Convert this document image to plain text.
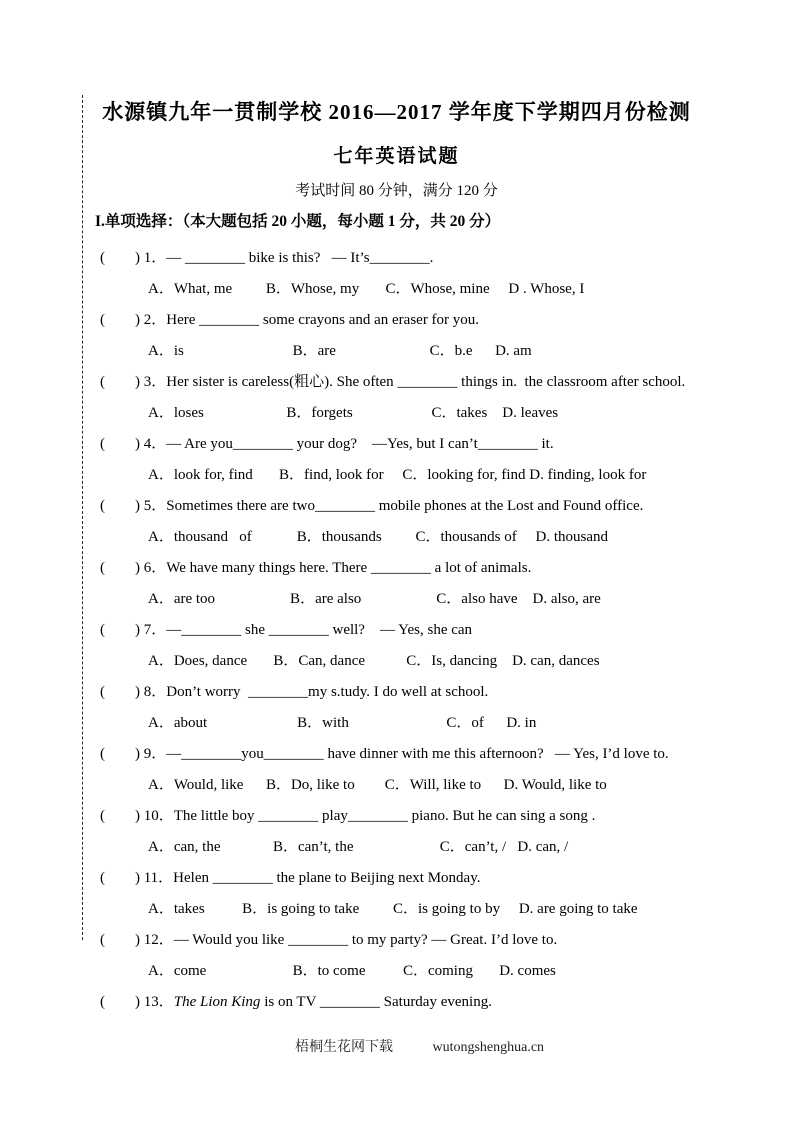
水源镇九年一贯制学校 2016—2017 学年度下学期四月份检测
七年英语试题
考试时间 80 分钟，满分 120 分
I.单项选择：（本大题包括 20 小题，每小题 1 分，共 20 分）
(        ) 1．— ________ bike is this?   — It’s________.
A．What, me         B．Whose, my       C．Whose, mine     D . Whose, I
(        ) 2．Here ________ some crayons and an eraser for you.
A．is                             B．are                         C．b.e      D. am
(        ) 3．Her sister is careless(粗心). She often ________ things in.  the classroom after school.
A．loses                      B．forgets                     C．takes    D. leaves
(        ) 4．— Are you________ your dog?    —Yes, but I can’t________ it.
A．look for, find       B．find, look for     C．looking for, find D. finding, look for
(        ) 5．Sometimes there are two________ mobile phones at the Lost and Found office.
A．thousand   of            B．thousands         C．thousands of     D. thousand
(        ) 6．We have many things here. There ________ a lot of animals.
A．are too                    B．are also                    C．also have    D. also, are
(        ) 7．—________ she ________ well?    — Yes, she can
A．Does, dance       B．Can, dance           C．Is, dancing    D. can, dances
(        ) 8．Don’t worry  ________my s.tudy. I do well at school.
A．about                        B．with                          C．of      D. in
(        ) 9．—________you________ have dinner with me this afternoon?   — Yes, I’d love to.
A．Would, like      B．Do, like to        C．Will, like to      D. Would, like to
(        ) 10．The little boy ________ play________ piano. But he can sing a song .
A．can, the              B．can’t, the                       C．can’t, /   D. can, /
(        ) 11．Helen ________ the plane to Beijing next Monday.
A．takes          B．is going to take         C．is going to by     D. are going to take
(        ) 12．— Would you like ________ to my party? — Great. I’d love to.
A．come                       B．to come          C．coming       D. comes
(        ) 13．The Lion King is on TV ________ Saturday evening.
梧桐生花网下载	wutongshenghua.cn
